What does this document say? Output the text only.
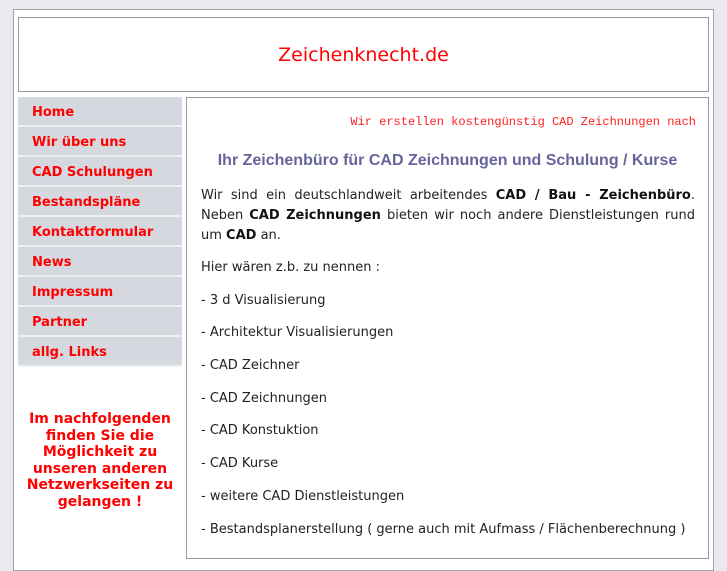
Zeichenknecht.de
Home
Wir über uns
CAD Schulungen
Bestandspläne
Kontaktformular
News
Impressum
Partner
allg. Links
Im nachfolgenden finden Sie die Möglichkeit zu unseren anderen Netzwerkseiten zu gelangen !
Wir erstellen kostengünstig CAD Zeichnungen nach
Ihr Zeichenbüro für CAD Zeichnungen und Schulung / Kurse

Wir sind ein deutschlandweit arbeitendes CAD / Bau - Zeichenbüro. Neben CAD Zeichnungen bieten wir noch andere Dienstleistungen rund um CAD an.

Hier wären z.b. zu nennen :

- 3 d Visualisierung

- Architektur Visualisierungen

- CAD Zeichner

- CAD Zeichnungen

- CAD Konstuktion

- CAD Kurse

- weitere CAD Dienstleistungen

- Bestandsplanerstellung ( gerne auch mit Aufmass / Flächenberechnung )
